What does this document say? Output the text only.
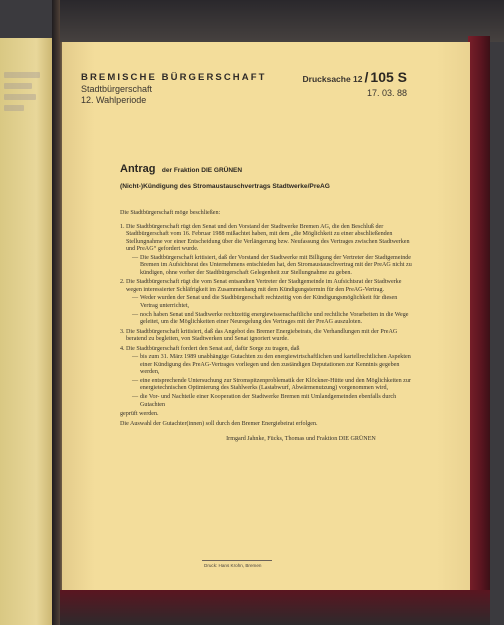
BREMISCHE BÜRGERSCHAFT
Stadtbürgerschaft
12. Wahlperiode
Drucksache 12 / 105 S
17. 03. 88
Antrag der Fraktion DIE GRÜNEN
(Nicht-)Kündigung des Stromaustauschvertrags Stadtwerke/PreAG
Die Stadtbürgerschaft möge beschließen:
1. Die Stadtbürgerschaft rügt den Senat und den Vorstand der Stadtwerke Bremen AG, die den Beschluß der Stadtbürgerschaft vom 16. Februar 1988 mißachtet haben, mit dem „die Möglichkeit zu einer abschließenden Stellungnahme vor einer Entscheidung über die Verlängerung bzw. Neufassung des Vertrages zwischen Stadtwerken und PreAG“ gefordert wurde.
— Die Stadtbürgerschaft kritisiert, daß der Vorstand der Stadtwerke mit Billigung der Vertreter der Stadtgemeinde Bremen im Aufsichtsrat des Unternehmens entschieden hat, den Stromaustauschvertrag mit der PreAG nicht zu kündigen, ohne vorher der Stadtbürgerschaft Gelegenheit zur Stellungnahme zu geben.
2. Die Stadtbürgerschaft rügt die vom Senat entsandten Vertreter der Stadtgemeinde im Aufsichtsrat der Stadtwerke wegen interessierter Schläfrigkeit im Zusammenhang mit dem Kündigungstermin für den PreAG-Vertrag.
— Weder wurden der Senat und die Stadtbürgerschaft rechtzeitig von der Kündigungsmöglichkeit für diesen Vertrag unterrichtet,
— noch haben Senat und Stadtwerke rechtzeitig energiewissenschaftliche und rechtliche Vorarbeiten in die Wege geleitet, um die Möglichkeiten einer Neuregelung des Vertrages mit der PreAG auszuloten.
3. Die Stadtbürgerschaft kritisiert, daß das Angebot des Bremer Energiebeirats, die Verhandlungen mit der PreAG beratend zu begleiten, von Stadtwerken und Senat ignoriert wurde.
4. Die Stadtbürgerschaft fordert den Senat auf, dafür Sorge zu tragen, daß
— bis zum 31. März 1989 unabhängige Gutachten zu den energiewirtschaftlichen und kartellrechtlichen Aspekten einer Kündigung des PreAG-Vertrages vorliegen und den zuständigen Deputationen zur Kenntnis gegeben werden,
— eine entsprechende Untersuchung zur Stromspitzenproblematik der Klöckner-Hütte und den Möglichkeiten zur energietechnischen Optimierung des Stahlwerks (Lastabwurf, Abwärmenutzung) vorgenommen wird,
— die Vor- und Nachteile einer Kooperation der Stadtwerke Bremen mit Umlandgemeinden ebenfalls durch Gutachten
geprüft werden.
Die Auswahl der Gutachter(innen) soll durch den Bremer Energiebeirat erfolgen.
Irmgard Jahnke, Fücks, Thomas und Fraktion DIE GRÜNEN
Druck: Hans Krohn, Bremen
